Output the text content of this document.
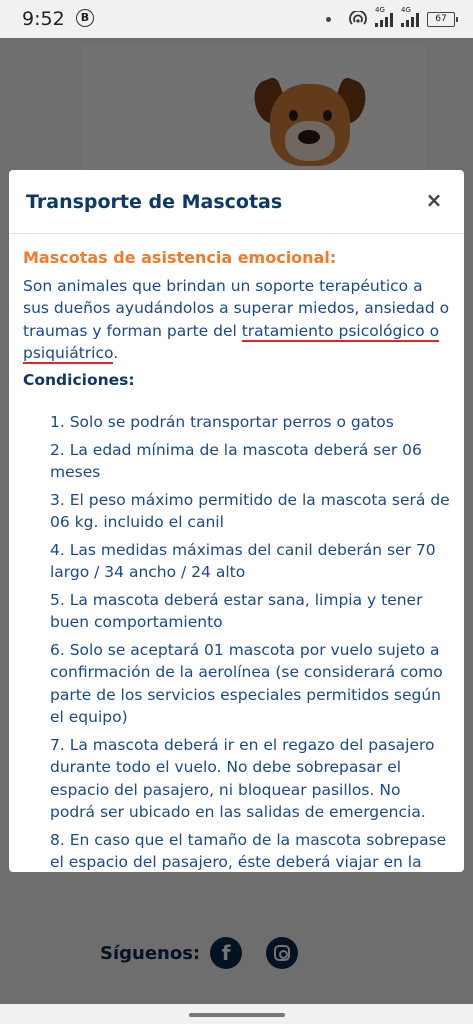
9:52	B
4G 4G
67
Transporte de Mascotas	×
Mascotas de asistencia emocional:

Son animales que brindan un soporte terapéutico a sus dueños ayudándolos a superar miedos, ansiedad o traumas y forman parte del tratamiento psicológico o psiquiátrico.

Condiciones:
1. Solo se podrán transportar perros o gatos
2. La edad mínima de la mascota deberá ser 06 meses
3. El peso máximo permitido de la mascota será de 06 kg. incluido el canil
4. Las medidas máximas del canil deberán ser 70 largo / 34 ancho / 24 alto
5. La mascota deberá estar sana, limpia y tener buen comportamiento
6. Solo se aceptará 01 mascota por vuelo sujeto a confirmación de la aerolínea (se considerará como parte de los servicios especiales permitidos según el equipo)
7. La mascota deberá ir en el regazo del pasajero durante todo el vuelo. No debe sobrepasar el espacio del pasajero, ni bloquear pasillos. No podrá ser ubicado en las salidas de emergencia.
8. En caso que el tamaño de la mascota sobrepase el espacio del pasajero, éste deberá viajar en la
